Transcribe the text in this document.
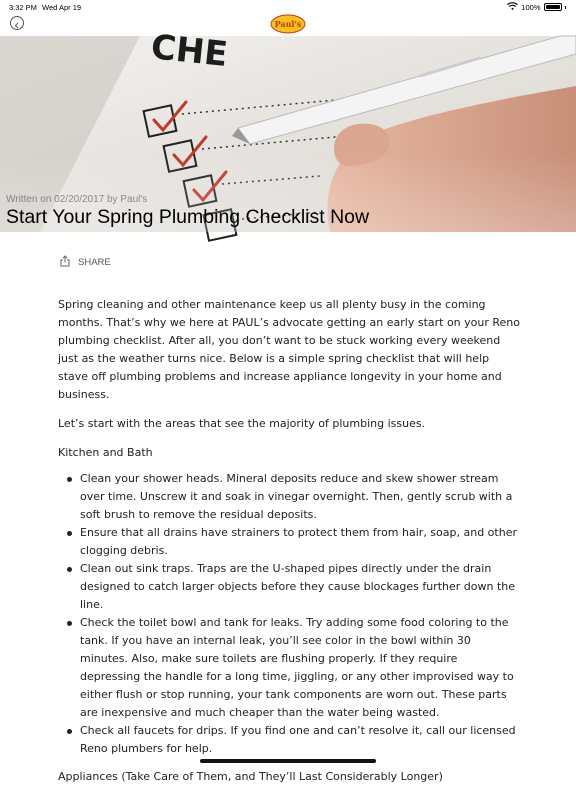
3:32 PM Wed Apr 19	100%
Paul's
Written on 02/20/2017 by Paul's
Start Your Spring Plumbing Checklist Now
SHARE

Spring cleaning and other maintenance keep us all plenty busy in the coming months. That’s why we here at PAUL’s advocate getting an early start on your Reno plumbing checklist. After all, you don’t want to be stuck working every weekend just as the weather turns nice. Below is a simple spring checklist that will help stave off plumbing problems and increase appliance longevity in your home and business.

Let’s start with the areas that see the majority of plumbing issues.

Kitchen and Bath

Clean your shower heads. Mineral deposits reduce and skew shower stream over time. Unscrew it and soak in vinegar overnight. Then, gently scrub with a soft brush to remove the residual deposits.
Ensure that all drains have strainers to protect them from hair, soap, and other clogging debris.
Clean out sink traps. Traps are the U-shaped pipes directly under the drain designed to catch larger objects before they cause blockages further down the line.
Check the toilet bowl and tank for leaks. Try adding some food coloring to the tank. If you have an internal leak, you’ll see color in the bowl within 30 minutes. Also, make sure toilets are flushing properly. If they require depressing the handle for a long time, jiggling, or any other improvised way to either flush or stop running, your tank components are worn out. These parts are inexpensive and much cheaper than the water being wasted.
Check all faucets for drips. If you find one and can’t resolve it, call our licensed Reno plumbers for help.

Appliances (Take Care of Them, and They’ll Last Considerably Longer)
